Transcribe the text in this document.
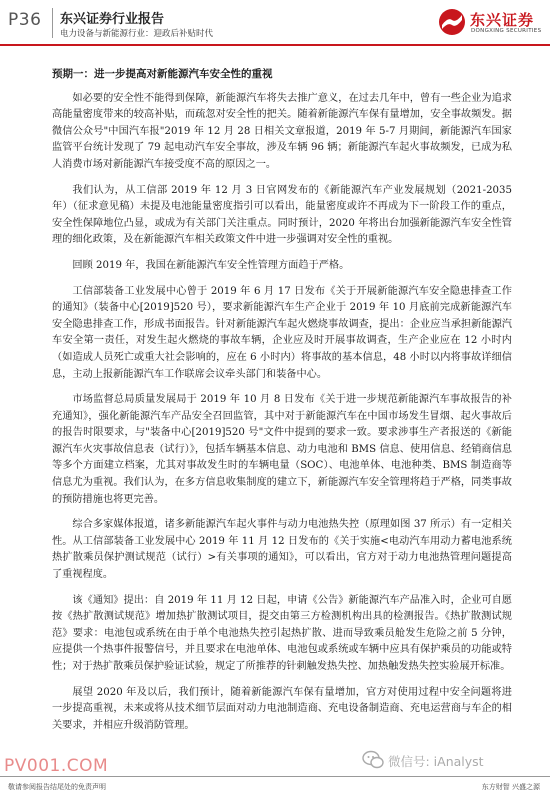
P36 东兴证券行业报告
电力设备与新能源行业：迎政后补贴时代
东兴证券
DONGXING SECURITIES
预期一：进一步提高对新能源汽车安全性的重视

如必要的安全性不能得到保障，新能源汽车将失去推广意义，在过去几年中，曾有一些企业为追求高能量密度带来的较高补贴，而疏忽对安全性的把关。随着新能源汽车保有量增加，安全事故频发。据微信公众号"中国汽车报"2019 年 12 月 28 日相关文章报道，2019 年 5-7 月期间，新能源汽车国家监管平台统计发现了 79 起电动汽车安全事故，涉及车辆 96 辆；新能源汽车起火事故频发，已成为私人消费市场对新能源汽车接受度不高的原因之一。

我们认为，从工信部 2019 年 12 月 3 日官网发布的《新能源汽车产业发展规划（2021-2035 年）（征求意见稿）未提及电池能量密度指引可以看出，能量密度或许不再成为下一阶段工作的重点，安全性保障地位凸显，或成为有关部门关注重点。同时预计，2020 年将出台加强新能源汽车安全性管理的细化政策，及在新能源汽车相关政策文件中进一步强调对安全性的重视。

回顾 2019 年，我国在新能源汽车安全性管理方面趋于严格。

工信部装备工业发展中心曾于 2019 年 6 月 17 日发布《关于开展新能源汽车安全隐患排查工作的通知》（装备中心[2019]520 号），要求新能源汽车生产企业于 2019 年 10 月底前完成新能源汽车安全隐患排查工作，形成书面报告。针对新能源汽车起火燃烧事故调查，提出：企业应当承担新能源汽车安全第一责任，对发生起火燃烧的事故车辆，企业应及时开展事故调查，生产企业应在 12 小时内（如造成人员死亡或重大社会影响的，应在 6 小时内）将事故的基本信息，48 小时以内将事故详细信息，主动上报新能源汽车工作联席会议牵头部门和装备中心。

市场监督总局质量发展局于 2019 年 10 月 8 日发布《关于进一步规范新能源汽车事故报告的补充通知》，强化新能源汽车产品安全召回监管，其中对于新能源汽车在中国市场发生冒烟、起火事故后的报告时限要求，与"装备中心[2019]520 号"文件中提到的要求一致。要求涉事生产者报送的《新能源汽车火灾事故信息表（试行）》，包括车辆基本信息、动力电池和 BMS 信息、使用信息、经销商信息等多个方面建立档案，尤其对事故发生时的车辆电量（SOC）、电池单体、电池种类、BMS 制造商等信息尤为重视。我们认为，在多方信息收集制度的建立下，新能源汽车安全管理将趋于严格，同类事故的预防措施也将更完善。

综合多家媒体报道，诸多新能源汽车起火事件与动力电池热失控（原理如图 37 所示）有一定相关性。从工信部装备工业发展中心 2019 年 11 月 12 日发布的《关于实施<电动汽车用动力蓄电池系统热扩散乘员保护测试规范（试行）>有关事项的通知》，可以看出，官方对于动力电池热管理问题提高了重视程度。

该《通知》提出：自 2019 年 11 月 12 日起，申请《公告》新能源汽车产品准入时，企业可自愿按《热扩散测试规范》增加热扩散测试项目，提交由第三方检测机构出具的检测报告。《热扩散测试规范》要求：电池包或系统在由于单个电池热失控引起热扩散、进而导致乘员舱发生危险之前 5 分钟，应提供一个热事件报警信号，并且要求在电池单体、电池包或系统或车辆中应具有保护乘员的功能或特性；对于热扩散乘员保护验证试验，规定了所推荐的针刺触发热失控、加热触发热失控实验展开标准。

展望 2020 年及以后，我们预计，随着新能源汽车保有量增加，官方对使用过程中安全问题将进一步提高重视，未来或将从技术细节层面对动力电池制造商、充电设备制造商、充电运营商与车企的相关要求，并相应升级消防管理。

PV001.COM	微信号: iAnalyst
敬请参阅报告结尾处的免责声明	东方财智 兴盛之源
